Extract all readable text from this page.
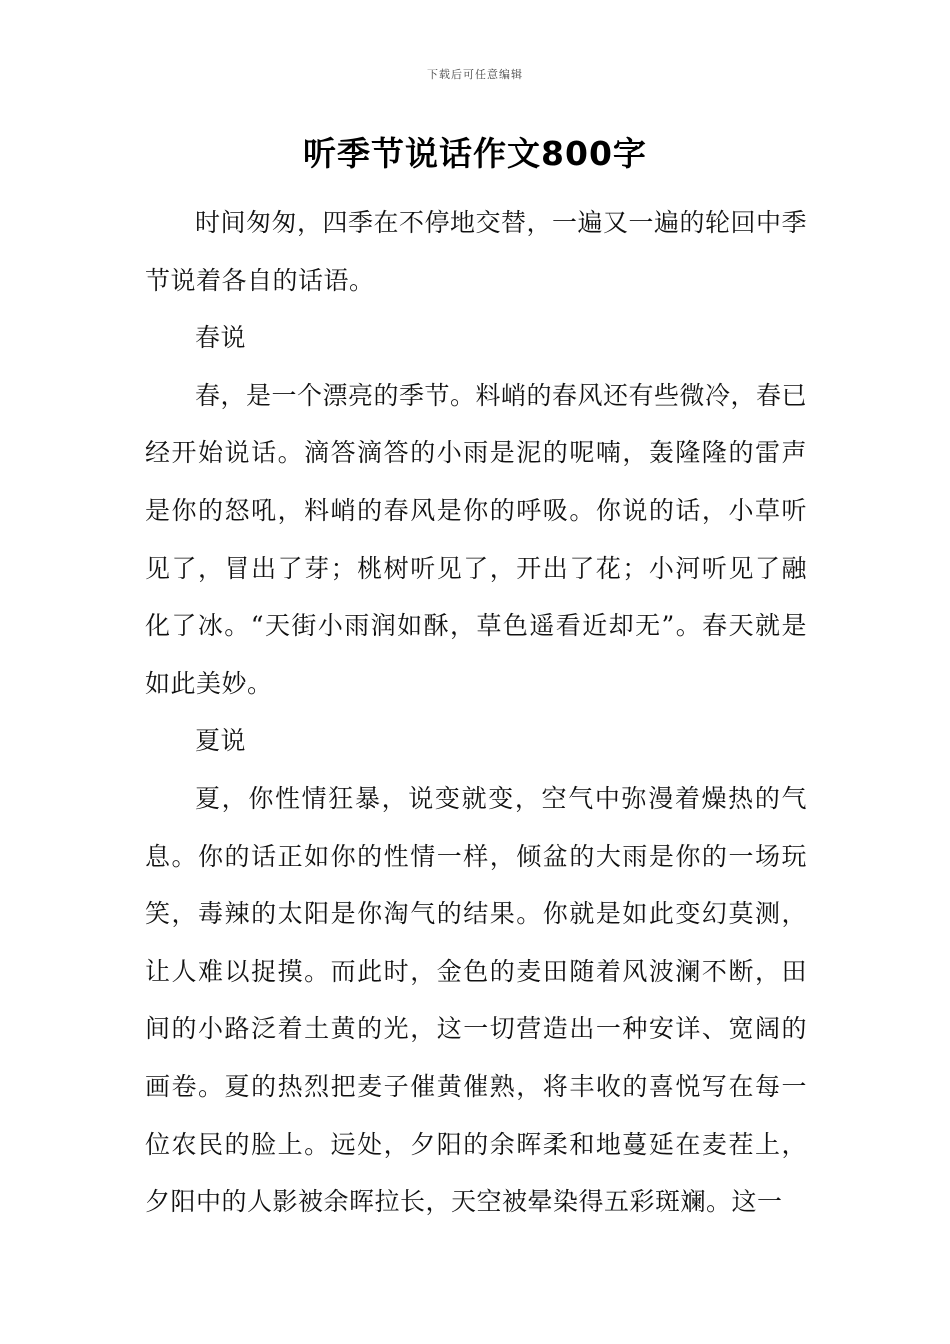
下载后可任意编辑
听季节说话作文800字

时间匆匆，四季在不停地交替，一遍又一遍的轮回中季节说着各自的话语。

春说

春，是一个漂亮的季节。料峭的春风还有些微冷，春已经开始说话。滴答滴答的小雨是泥的呢喃，轰隆隆的雷声是你的怒吼，料峭的春风是你的呼吸。你说的话，小草听见了，冒出了芽；桃树听见了，开出了花；小河听见了融化了冰。“天街小雨润如酥，草色遥看近却无”。春天就是如此美妙。

夏说

夏，你性情狂暴，说变就变，空气中弥漫着燥热的气息。你的话正如你的性情一样，倾盆的大雨是你的一场玩笑，毒辣的太阳是你淘气的结果。你就是如此变幻莫测，让人难以捉摸。而此时，金色的麦田随着风波澜不断，田间的小路泛着土黄的光，这一切营造出一种安详、宽阔的画卷。夏的热烈把麦子催黄催熟，将丰收的喜悦写在每一位农民的脸上。远处，夕阳的余晖柔和地蔓延在麦茬上，夕阳中的人影被余晖拉长，天空被晕染得五彩斑斓。这一
